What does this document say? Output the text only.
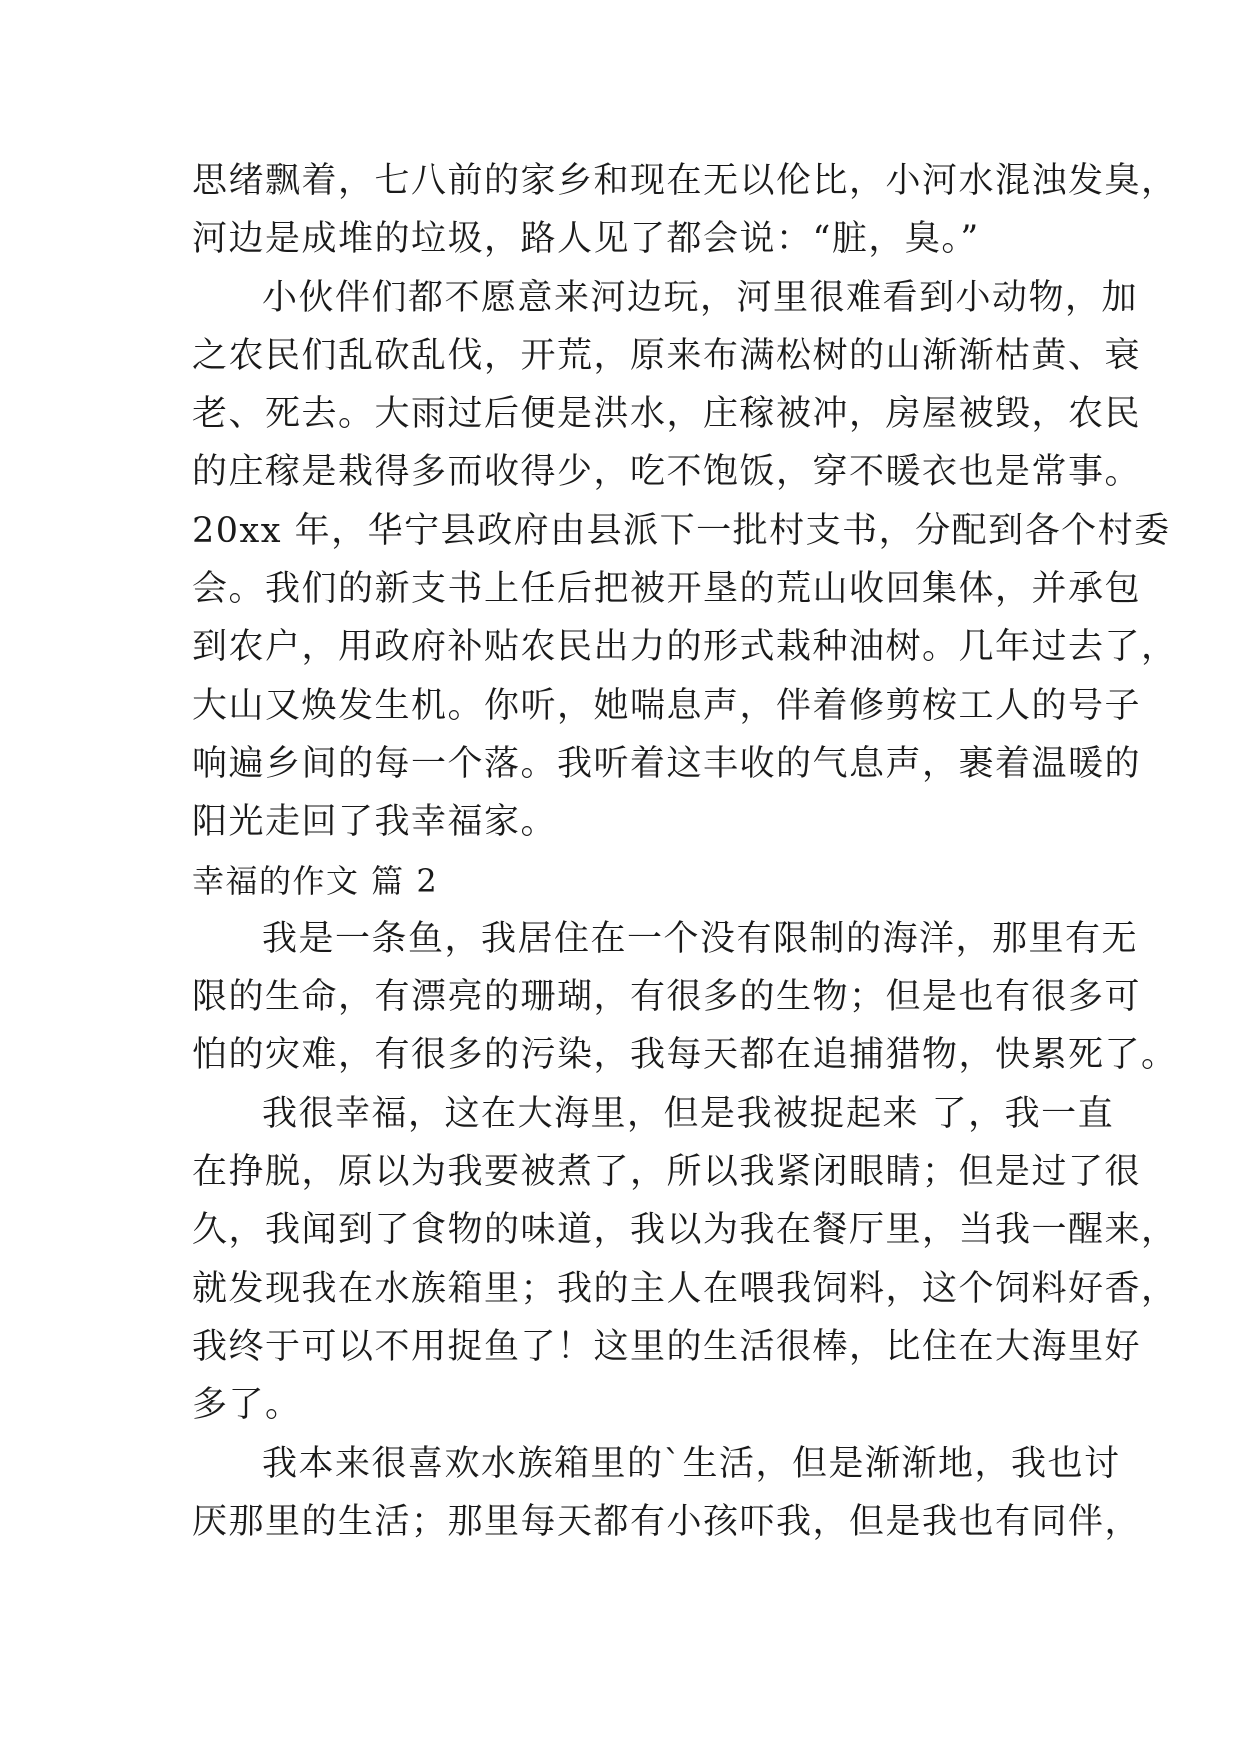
思绪飘着，七八前的家乡和现在无以伦比，小河水混浊发臭，
河边是成堆的垃圾，路人见了都会说：“脏，臭。”

小伙伴们都不愿意来河边玩，河里很难看到小动物，加
之农民们乱砍乱伐，开荒，原来布满松树的山渐渐枯黄、衰
老、死去。大雨过后便是洪水，庄稼被冲，房屋被毁，农民
的庄稼是栽得多而收得少，吃不饱饭，穿不暖衣也是常事。
20xx 年，华宁县政府由县派下一批村支书，分配到各个村委
会。我们的新支书上任后把被开垦的荒山收回集体，并承包
到农户，用政府补贴农民出力的形式栽种油树。几年过去了，
大山又焕发生机。你听，她喘息声，伴着修剪桉工人的号子
响遍乡间的每一个落。我听着这丰收的气息声，裹着温暖的
阳光走回了我幸福家。

幸福的作文 篇 2

我是一条鱼，我居住在一个没有限制的海洋，那里有无
限的生命，有漂亮的珊瑚，有很多的生物；但是也有很多可
怕的灾难，有很多的污染，我每天都在追捕猎物，快累死了。

我很幸福，这在大海里，但是我被捉起来 了，我一直
在挣脱，原以为我要被煮了，所以我紧闭眼睛；但是过了很
久，我闻到了食物的味道，我以为我在餐厅里，当我一醒来，
就发现我在水族箱里；我的主人在喂我饲料，这个饲料好香，
我终于可以不用捉鱼了！这里的生活很棒，比住在大海里好
多了。

我本来很喜欢水族箱里的`生活，但是渐渐地，我也讨
厌那里的生活；那里每天都有小孩吓我，但是我也有同伴，
